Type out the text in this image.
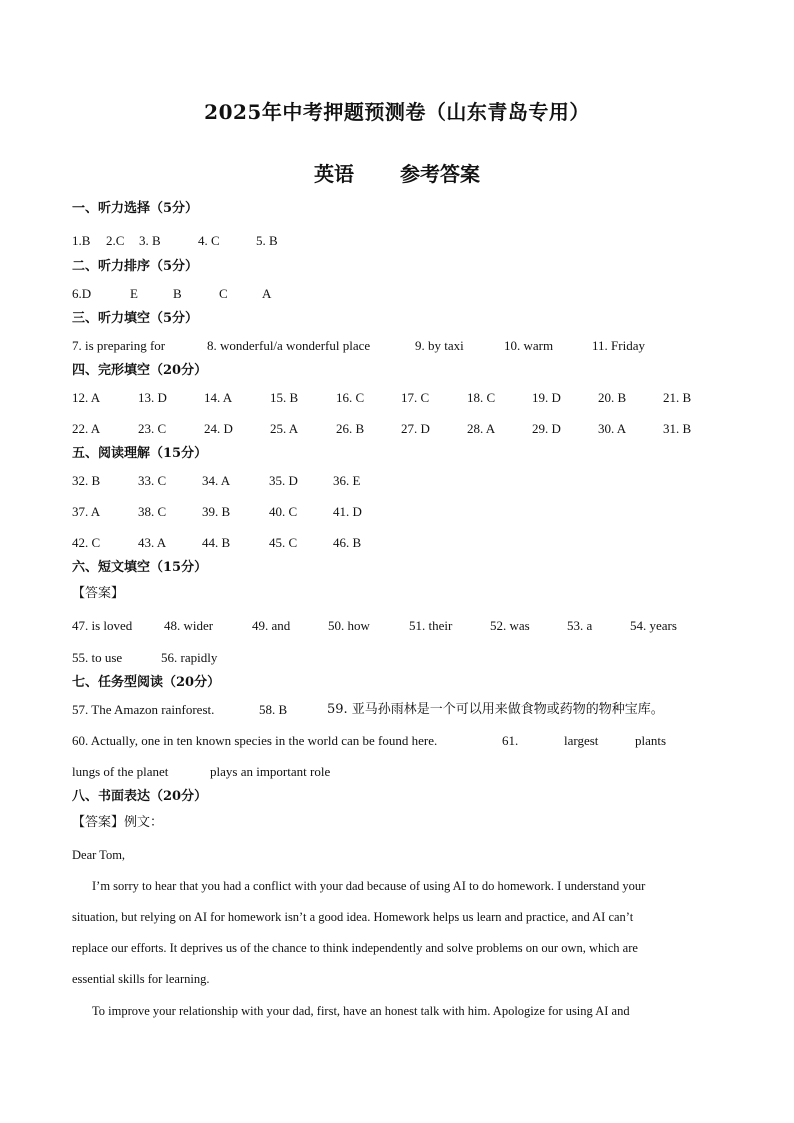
2025年中考押题预测卷（山东青岛专用）
英语 参考答案
一、听力选择（5分）
1.B 2.C 3. B	4. C	5. B
二、听力排序（5分）
6.D	E	B	C	A
三、听力填空（5分）
7. is preparing for	8. wonderful/a wonderful place	9. by taxi	10. warm	11. Friday
四、完形填空（20分）
12. A	13. D	14. A	15. B	16. C	17. C	18. C	19. D	20. B	21. B
22. A	23. C	24. D	25. A	26. B	27. D	28. A	29. D	30. A	31. B
五、阅读理解（15分）
32. B	33. C	34. A	35. D	36. E
37. A	38. C	39. B	40. C	41. D
42. C	43. A	44. B	45. C	46. B
六、短文填空（15分）
【答案】
47. is loved 48. wider	49. and	50. how	51. their	52. was	53. a	54. years
55. to use	56. rapidly
七、任务型阅读（20分）
57. The Amazon rainforest.	58. B	59. 亚马孙雨林是一个可以用来做食物或药物的物种宝库。
60. Actually, one in ten known species in the world can be found here.	61.	largest	plants
lungs of the planet	plays an important role
八、书面表达（20分）
【答案】例文：
Dear Tom,
I’m sorry to hear that you had a conflict with your dad because of using AI to do homework. I understand your
situation, but relying on AI for homework isn’t a good idea. Homework helps us learn and practice, and AI can’t
replace our efforts. It deprives us of the chance to think independently and solve problems on our own, which are
essential skills for learning.
To improve your relationship with your dad, first, have an honest talk with him. Apologize for using AI and
